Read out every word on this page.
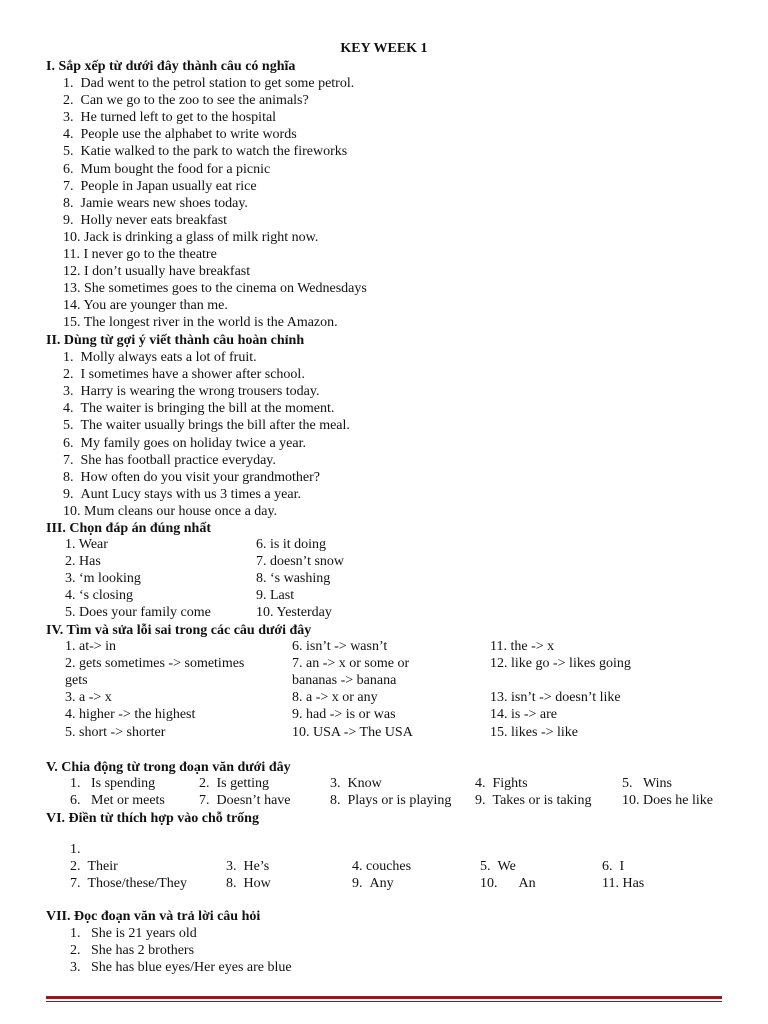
KEY WEEK 1
I. Sắp xếp từ dưới đây thành câu có nghĩa
1.  Dad went to the petrol station to get some petrol.
2.  Can we go to the zoo to see the animals?
3.  He turned left to get to the hospital
4.  People use the alphabet to write words
5.  Katie walked to the park to watch the fireworks
6.  Mum bought the food for a picnic
7.  People in Japan usually eat rice
8.  Jamie wears new shoes today.
9.  Holly never eats breakfast
10. Jack is drinking a glass of milk right now.
11. I never go to the theatre
12. I don’t usually have breakfast
13. She sometimes goes to the cinema on Wednesdays
14. You are younger than me.
15. The longest river in the world is the Amazon.
II. Dùng từ gợi ý viết thành câu hoàn chỉnh
1.  Molly always eats a lot of fruit.
2.  I sometimes have a shower after school.
3.  Harry is wearing the wrong trousers today.
4.  The waiter is bringing the bill at the moment.
5.  The waiter usually brings the bill after the meal.
6.  My family goes on holiday twice a year.
7.  She has football practice everyday.
8.  How often do you visit your grandmother?
9.  Aunt Lucy stays with us 3 times a year.
10. Mum cleans our house once a day.
III. Chọn đáp án đúng nhất
1. Wear
2. Has
3. ‘m looking
4. ‘s closing
5. Does your family come
6. is it doing
7. doesn’t snow
8. ‘s washing
9. Last
10. Yesterday
IV. Tìm và sửa lỗi sai trong các câu dưới đây
1. at-> in	6. isn’t -> wasn’t	11. the -> x
2. gets sometimes -> sometimes	7. an -> x or some or	12. like go -> likes going
gets	bananas -> banana
3. a -> x	8. a -> x or any	13. isn’t -> doesn’t like
4. higher -> the highest	9. had -> is or was	14. is -> are
5. short -> shorter	10. USA -> The USA	15. likes -> like
V. Chia động từ trong đoạn văn dưới đây
1.   Is spending	2.  Is getting	3.  Know	4.  Fights	5.   Wins
6.   Met or meets 7.  Doesn’t have	8.  Plays or is playing 9.  Takes or is taking 10. Does he like
VI. Điền từ thích hợp vào chỗ trống
1.
2.  Their	3.  He’s	4. couches	5.  We	6.  I
7.  Those/these/They	8.  How	9.  Any	10.      An	11. Has
VII. Đọc đoạn văn và trả lời câu hỏi
1.   She is 21 years old
2.   She has 2 brothers
3.   She has blue eyes/Her eyes are blue
